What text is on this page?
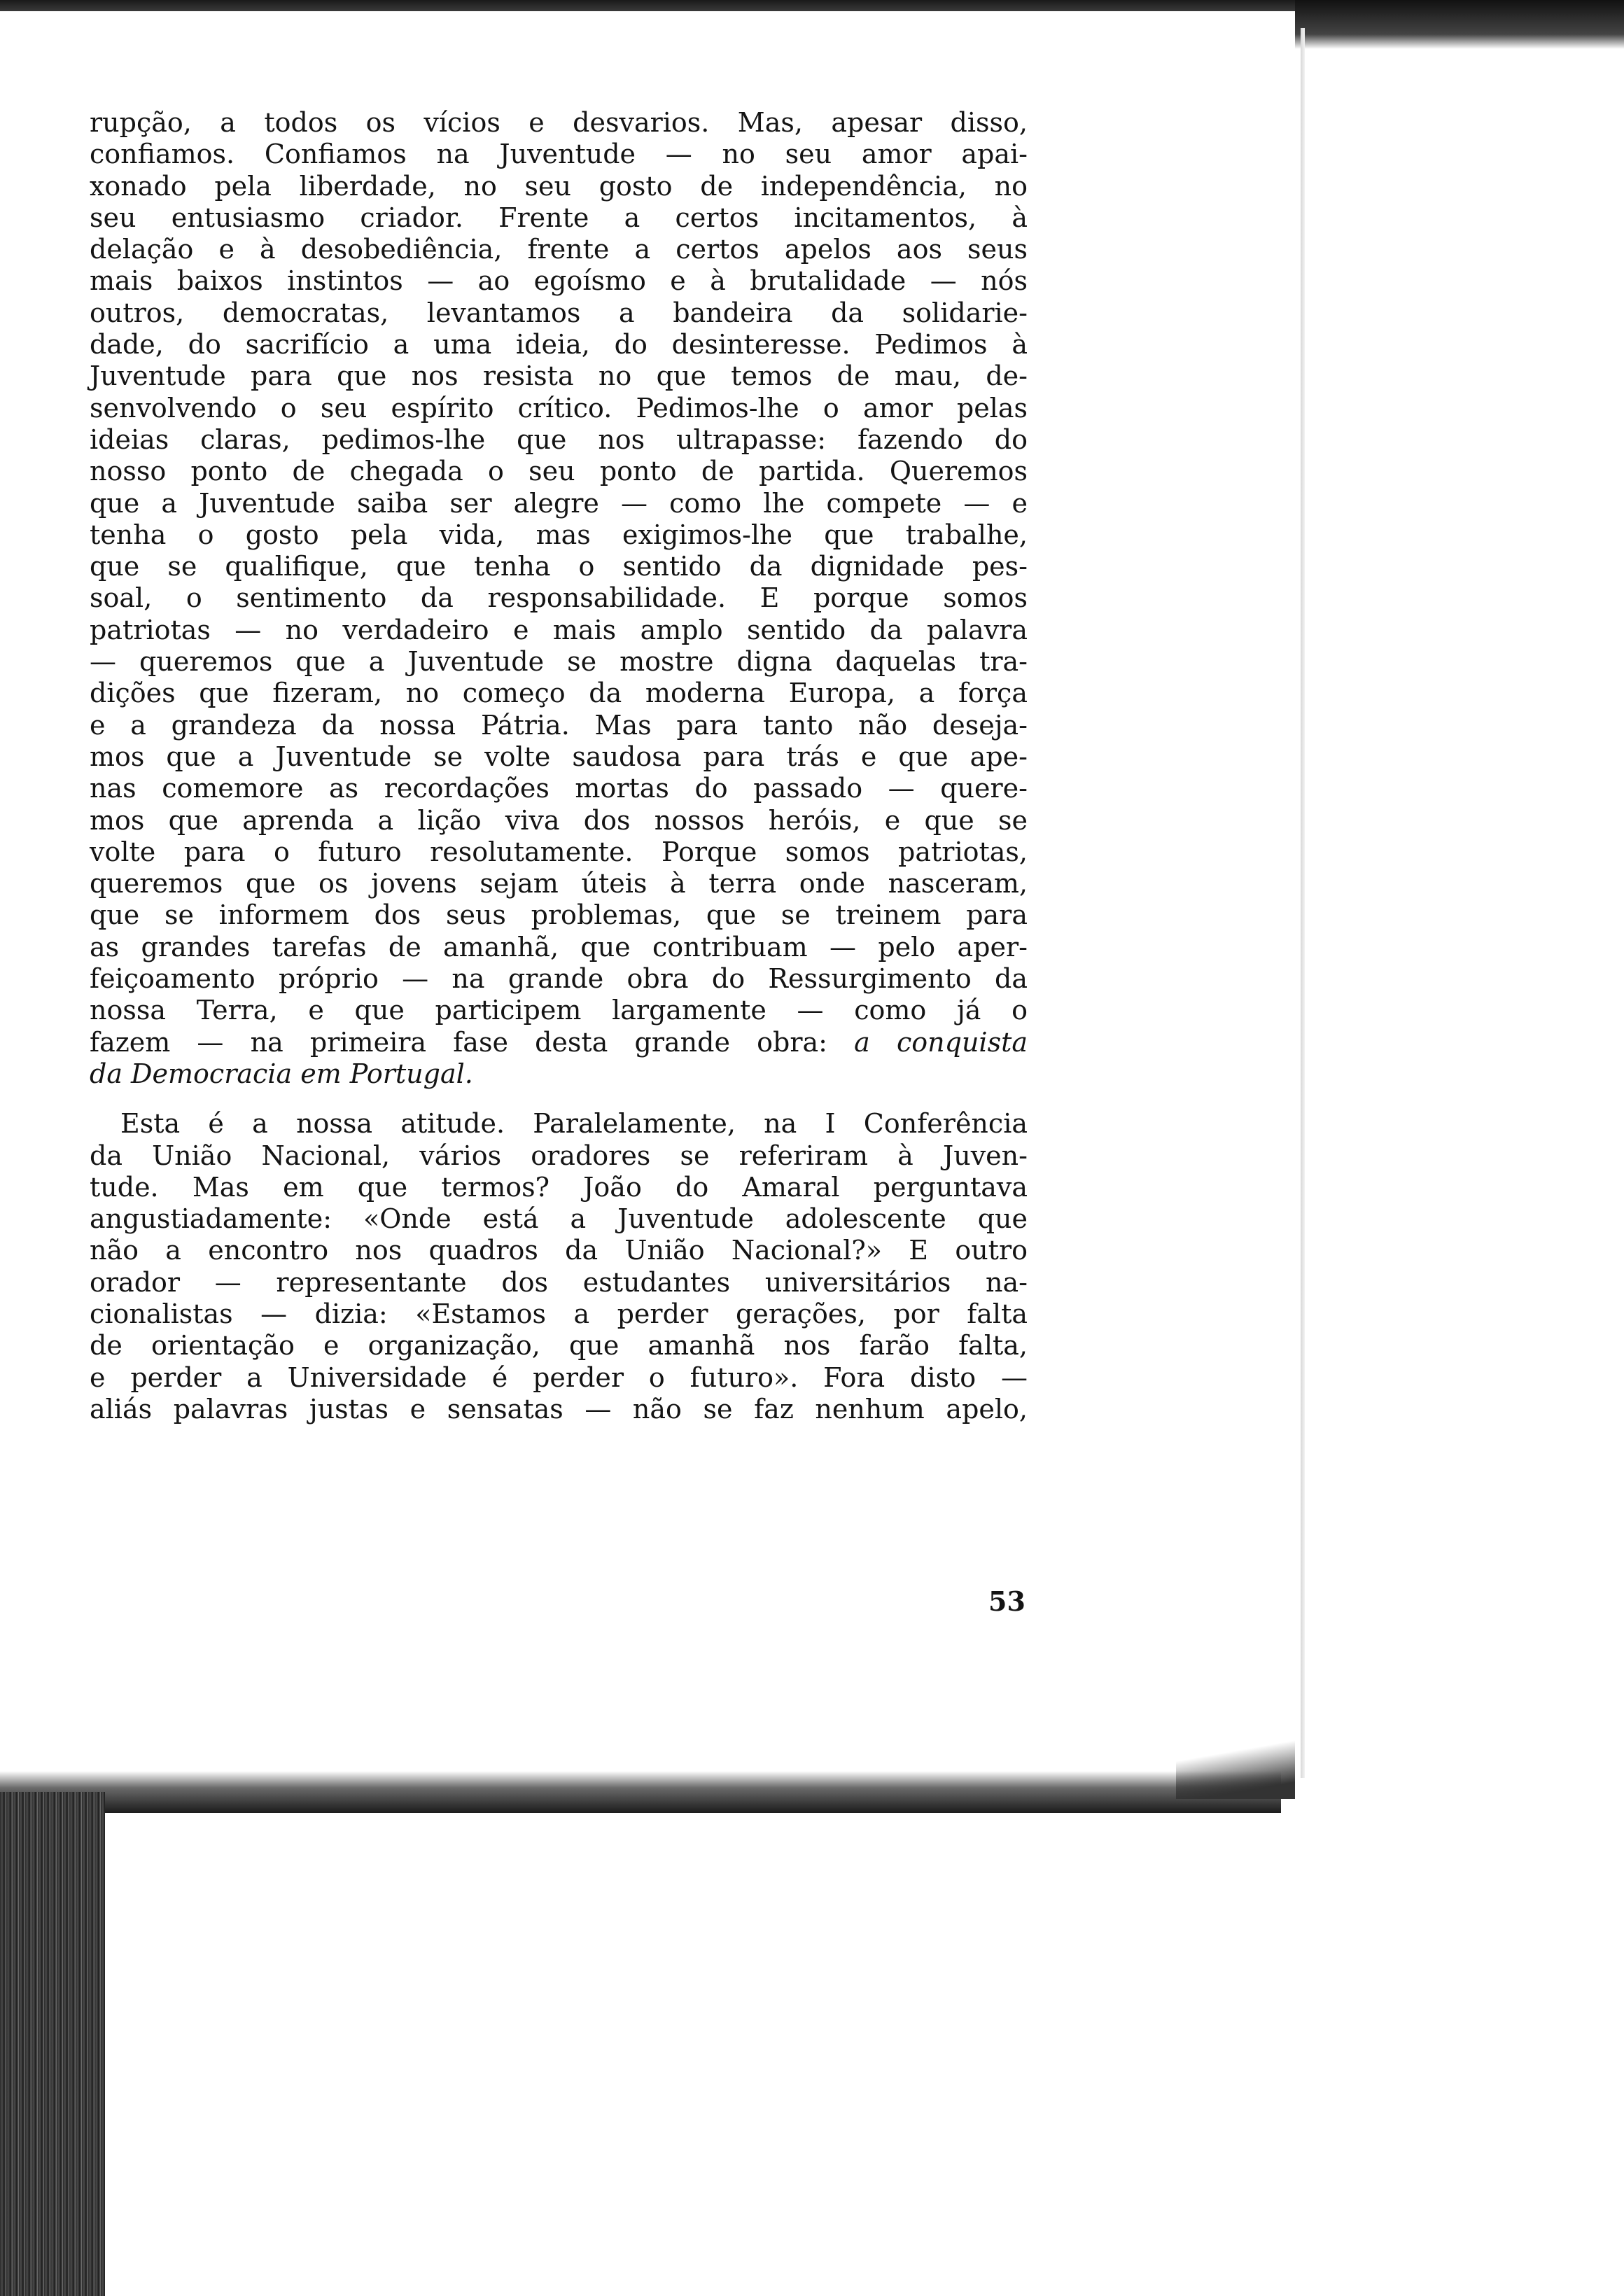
rupção, a todos os vícios e desvarios. Mas, apesar disso,
confiamos. Confiamos na Juventude — no seu amor apai-
xonado pela liberdade, no seu gosto de independência, no
seu entusiasmo criador. Frente a certos incitamentos, à
delação e à desobediência, frente a certos apelos aos seus
mais baixos instintos — ao egoísmo e à brutalidade — nós
outros, democratas, levantamos a bandeira da solidarie-
dade, do sacrifício a uma ideia, do desinteresse. Pedimos à
Juventude para que nos resista no que temos de mau, de-
senvolvendo o seu espírito crítico. Pedimos-lhe o amor pelas
ideias claras, pedimos-lhe que nos ultrapasse: fazendo do
nosso ponto de chegada o seu ponto de partida. Queremos
que a Juventude saiba ser alegre — como lhe compete — e
tenha o gosto pela vida, mas exigimos-lhe que trabalhe,
que se qualifique, que tenha o sentido da dignidade pes-
soal, o sentimento da responsabilidade. E porque somos
patriotas — no verdadeiro e mais amplo sentido da palavra
— queremos que a Juventude se mostre digna daquelas tra-
dições que fizeram, no começo da moderna Europa, a força
e a grandeza da nossa Pátria. Mas para tanto não deseja-
mos que a Juventude se volte saudosa para trás e que ape-
nas comemore as recordações mortas do passado — quere-
mos que aprenda a lição viva dos nossos heróis, e que se
volte para o futuro resolutamente. Porque somos patriotas,
queremos que os jovens sejam úteis à terra onde nasceram,
que se informem dos seus problemas, que se treinem para
as grandes tarefas de amanhã, que contribuam — pelo aper-
feiçoamento próprio — na grande obra do Ressurgimento da
nossa Terra, e que participem largamente — como já o
fazem — na primeira fase desta grande obra: a conquista
da Democracia em Portugal.
Esta é a nossa atitude. Paralelamente, na I Conferência
da União Nacional, vários oradores se referiram à Juven-
tude. Mas em que termos? João do Amaral perguntava
angustiadamente: «Onde está a Juventude adolescente que
não a encontro nos quadros da União Nacional?» E outro
orador — representante dos estudantes universitários na-
cionalistas — dizia: «Estamos a perder gerações, por falta
de orientação e organização, que amanhã nos farão falta,
e perder a Universidade é perder o futuro». Fora disto —
aliás palavras justas e sensatas — não se faz nenhum apelo,
53
